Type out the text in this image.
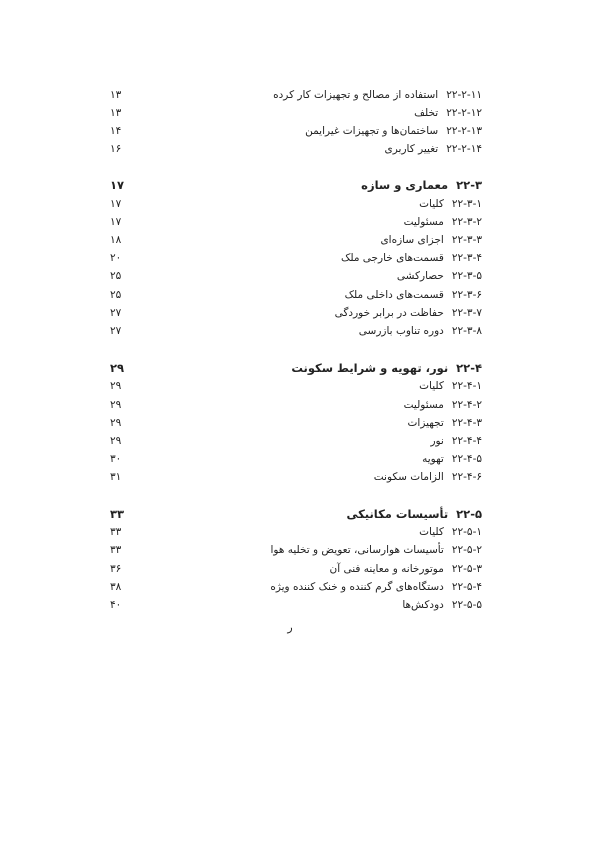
۲۲-۲-۱۱استفاده از مصالح و تجهیزات کار کرده
۱۳
۲۲-۲-۱۲تخلف
۱۳
۲۲-۲-۱۳ساختمان‌ها و تجهیزات غیرایمن
۱۴
۲۲-۲-۱۴تغییر کاربری
۱۶
۲۲-۳معماری و سازه
۱۷
۲۲-۳-۱کلیات
۱۷
۲۲-۳-۲مسئولیت
۱۷
۲۲-۳-۳اجزای سازه‌ای
۱۸
۲۲-۳-۴قسمت‌های خارجی ملک
۲۰
۲۲-۳-۵حصارکشی
۲۵
۲۲-۳-۶قسمت‌های داخلی ملک
۲۵
۲۲-۳-۷حفاظت در برابر خوردگی
۲۷
۲۲-۳-۸دوره تناوب بازرسی
۲۷
۲۲-۴نور، تهویه و شرایط سکونت
۲۹
۲۲-۴-۱کلیات
۲۹
۲۲-۴-۲مسئولیت
۲۹
۲۲-۴-۳تجهیزات
۲۹
۲۲-۴-۴نور
۲۹
۲۲-۴-۵تهویه
۳۰
۲۲-۴-۶الزامات سکونت
۳۱
۲۲-۵تأسیسات مکانیکی
۳۳
۲۲-۵-۱کلیات
۳۳
۲۲-۵-۲تأسیسات هوارسانی، تعویض و تخلیه هوا
۳۳
۲۲-۵-۳موتورخانه و معاینه فنی آن
۳۶
۲۲-۵-۴دستگاه‌های گرم کننده و خنک کننده ویژه
۳۸
۲۲-۵-۵دودکش‌ها
۴۰
ر
